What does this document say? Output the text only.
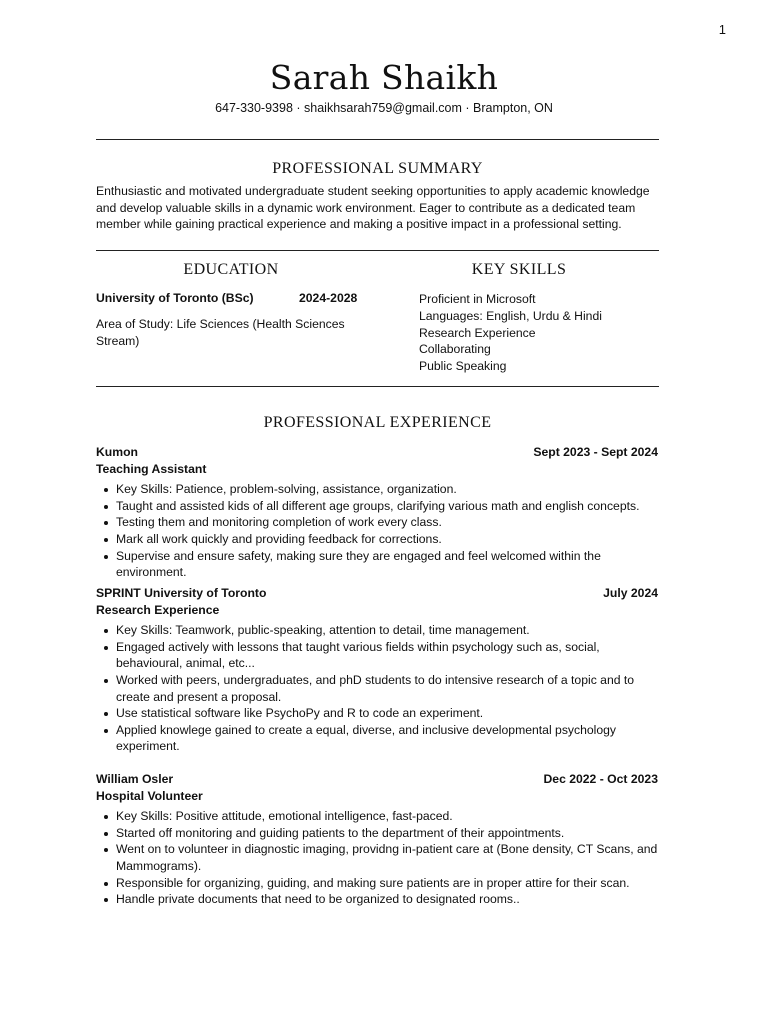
1
Sarah Shaikh
647-330-9398 · shaikhsarah759@gmail.com · Brampton, ON
PROFESSIONAL SUMMARY
Enthusiastic and motivated undergraduate student seeking opportunities to apply academic knowledge and develop valuable skills in a dynamic work environment. Eager to contribute as a dedicated team member while gaining practical experience and making a positive impact in a professional setting.
EDUCATION	KEY SKILLS
University of Toronto (BSc)	2024-2028
Area of Study: Life Sciences (Health Sciences Stream)
Proficient in Microsoft
Languages: English, Urdu & Hindi
Research Experience
Collaborating
Public Speaking
PROFESSIONAL EXPERIENCE
Kumon	Sept 2023 - Sept 2024
Teaching Assistant
Key Skills: Patience, problem-solving, assistance, organization.
Taught and assisted kids of all different age groups, clarifying various math and english concepts.
Testing them and monitoring completion of work every class.
Mark all work quickly and providing feedback for corrections.
Supervise and ensure safety, making sure they are engaged and feel welcomed within the environment.
SPRINT University of Toronto	July 2024
Research Experience
Key Skills: Teamwork, public-speaking, attention to detail, time management.
Engaged actively with lessons that taught various fields within psychology such as, social, behavioural, animal, etc...
Worked with peers, undergraduates, and phD students to do intensive research of a topic and to create and present a proposal.
Use statistical software like PsychoPy and R to code an experiment.
Applied knowlege gained to create a equal, diverse, and inclusive developmental psychology experiment.
William Osler	Dec 2022 - Oct 2023
Hospital Volunteer
Key Skills: Positive attitude, emotional intelligence, fast-paced.
Started off monitoring and guiding patients to the department of their appointments.
Went on to volunteer in diagnostic imaging, providng in-patient care at (Bone density, CT Scans, and Mammograms).
Responsible for organizing, guiding, and making sure patients are in proper attire for their scan.
Handle private documents that need to be organized to designated rooms..
